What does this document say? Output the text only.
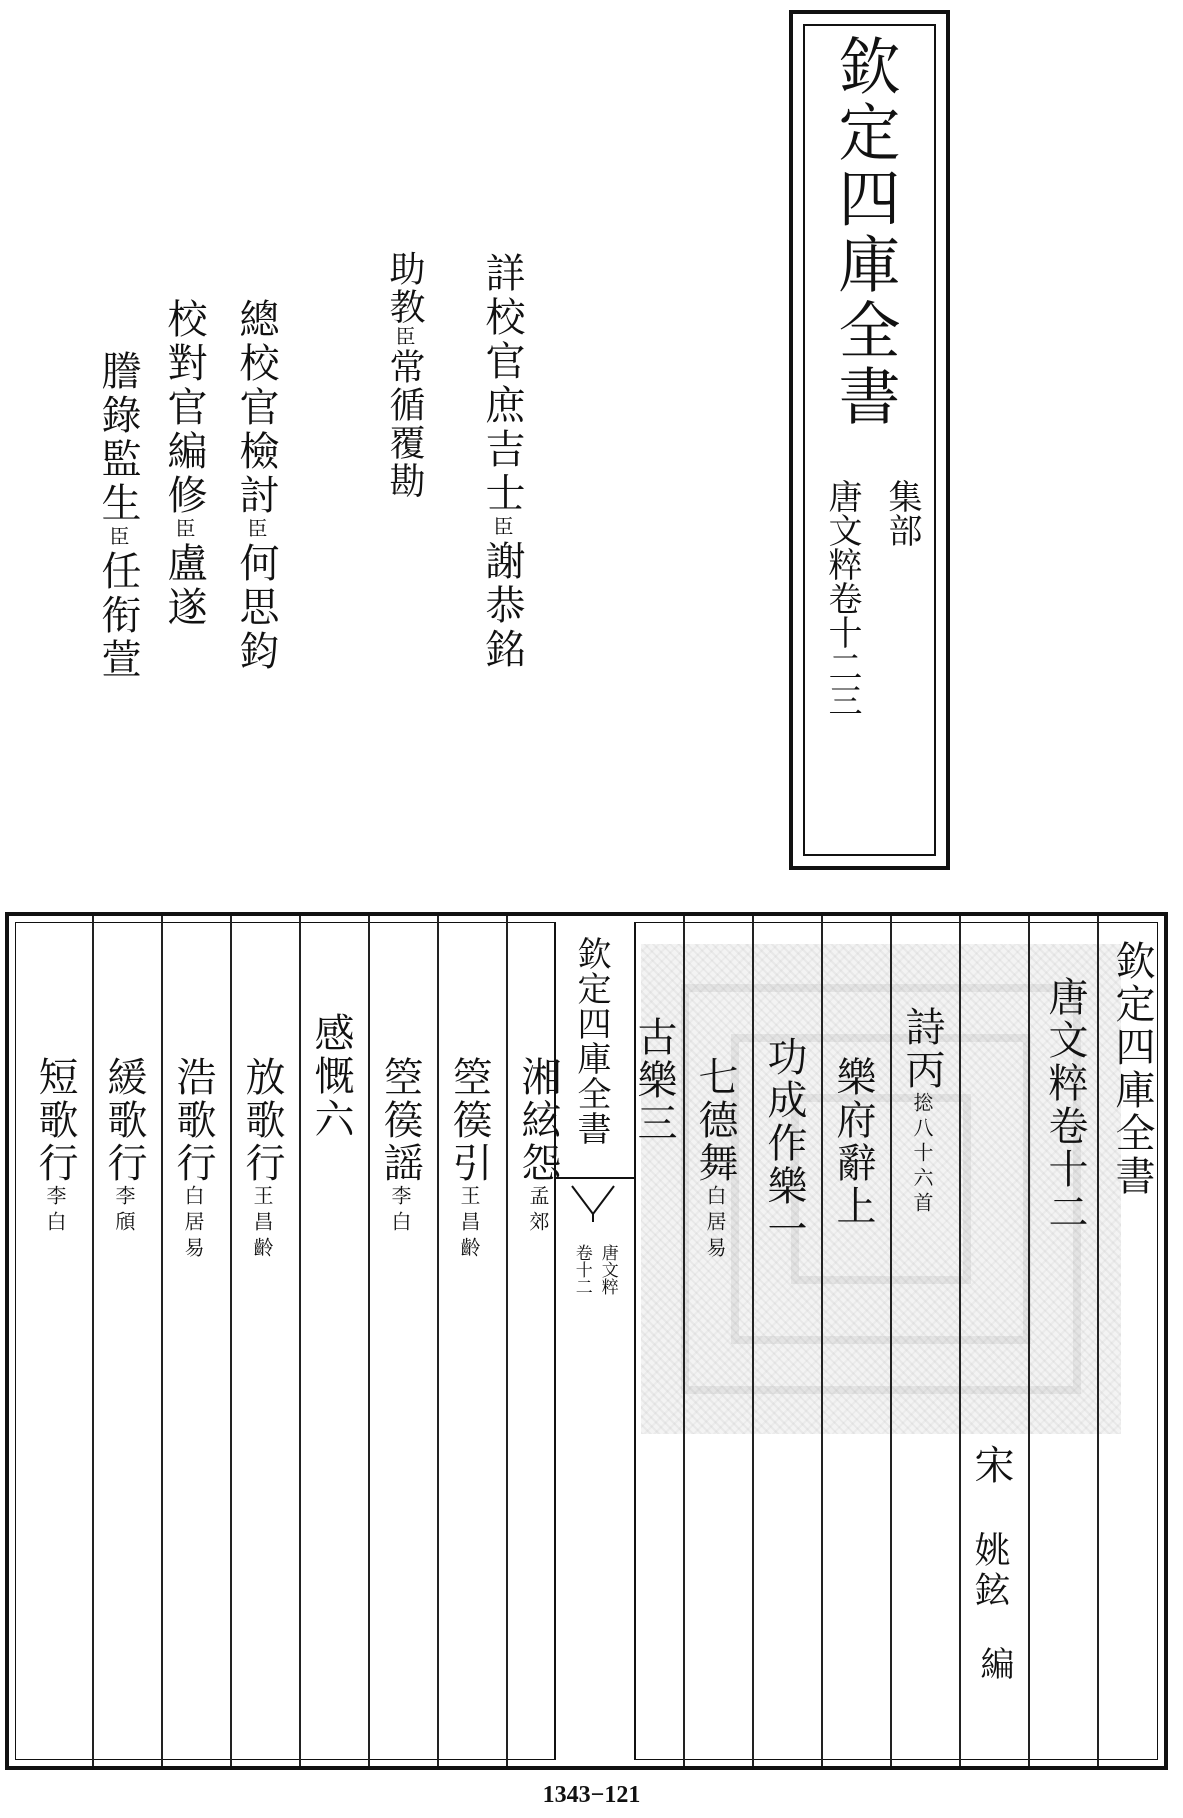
欽定四庫全書
集部
唐文粹卷十二三
詳校官庶吉士臣謝恭銘
助教臣常循覆勘
總校官檢討臣何思鈞
校對官編修臣盧遂
謄錄監生臣任衔萱
欽定四庫全書
唐文粹
卷十二
欽定四庫全書
唐文粹卷十二
宋
姚鉉
編
詩丙捴八十六首
樂府辭上
功成作樂一
七德舞白居易
古樂三
湘絃怨孟郊
箜篌引王昌齡
箜篌謡李白
感慨六
放歌行王昌齡
浩歌行白居易
緩歌行李頎
短歌行李白
1343−121
